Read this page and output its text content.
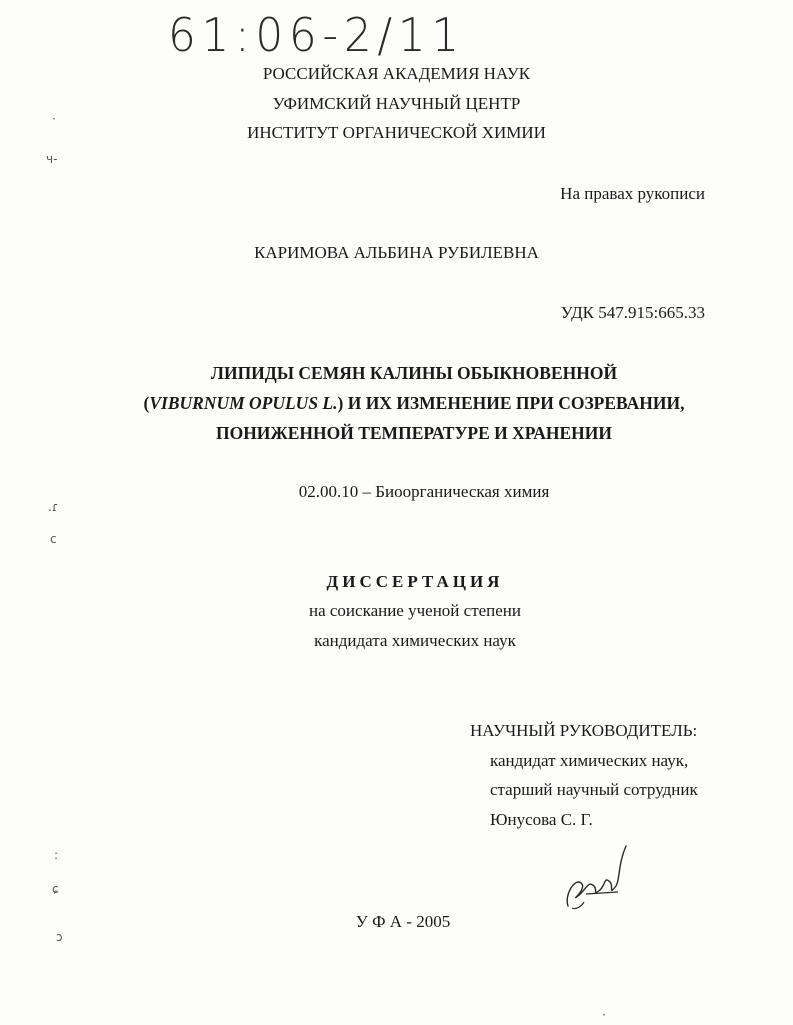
61:06-2/11
РОССИЙСКАЯ АКАДЕМИЯ НАУК
УФИМСКИЙ НАУЧНЫЙ ЦЕНТР
ИНСТИТУТ ОРГАНИЧЕСКОЙ ХИМИИ
На правах рукописи
КАРИМОВА АЛЬБИНА РУБИЛЕВНА
УДК 547.915:665.33
ЛИПИДЫ СЕМЯН КАЛИНЫ ОБЫКНОВЕННОЙ
(VIBURNUM OPULUS L.) И ИХ ИЗМЕНЕНИЕ ПРИ СОЗРЕВАНИИ,
ПОНИЖЕННОЙ ТЕМПЕРАТУРЕ И ХРАНЕНИИ
02.00.10 – Биоорганическая химия
ДИССЕРТАЦИЯ
на соискание ученой степени
кандидата химических наук
НАУЧНЫЙ РУКОВОДИТЕЛЬ:
кандидат химических наук,
старший научный сотрудник
Юнусова С. Г.
У Ф А - 2005
·
ч-
.ɾ
c
:
ɕ
ɔ
·
